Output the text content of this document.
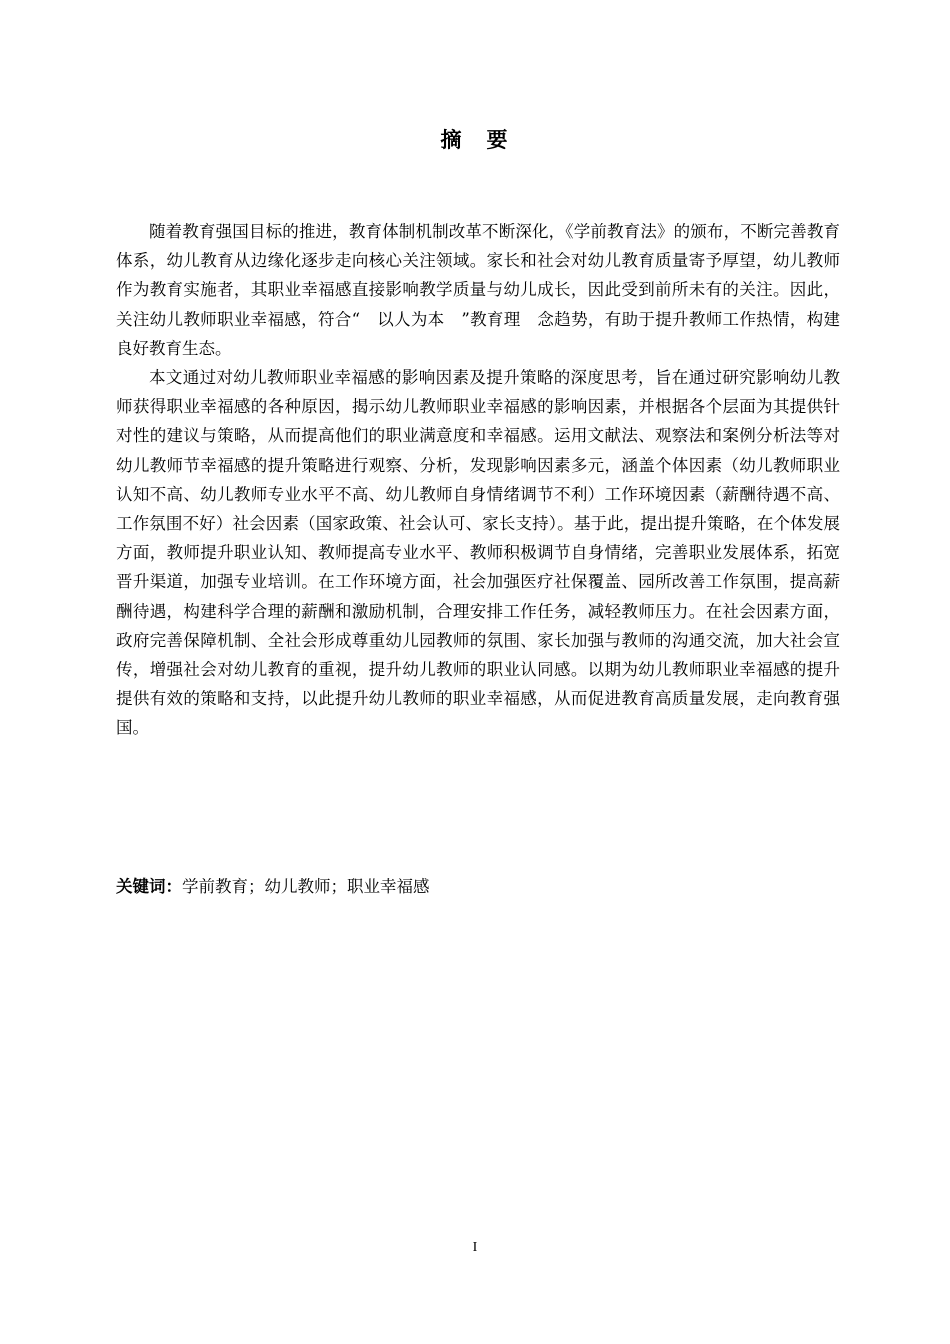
摘　要

随着教育强国目标的推进，教育体制机制改革不断深化，《学前教育法》的颁布，不断完善教育体系，幼儿教育从边缘化逐步走向核心关注领域。家长和社会对幼儿教育质量寄予厚望，幼儿教师作为教育实施者，其职业幸福感直接影响教学质量与幼儿成长，因此受到前所未有的关注。因此，关注幼儿教师职业幸福感，符合“　以人为本　”教育理　念趋势，有助于提升教师工作热情，构建良好教育生态。

本文通过对幼儿教师职业幸福感的影响因素及提升策略的深度思考，旨在通过研究影响幼儿教师获得职业幸福感的各种原因，揭示幼儿教师职业幸福感的影响因素，并根据各个层面为其提供针对性的建议与策略，从而提高他们的职业满意度和幸福感。运用文献法、观察法和案例分析法等对幼儿教师节幸福感的提升策略进行观察、分析，发现影响因素多元，涵盖个体因素（幼儿教师职业认知不高、幼儿教师专业水平不高、幼儿教师自身情绪调节不利）工作环境因素（薪酬待遇不高、工作氛围不好）社会因素（国家政策、社会认可、家长支持）。基于此，提出提升策略，在个体发展方面，教师提升职业认知、教师提高专业水平、教师积极调节自身情绪，完善职业发展体系，拓宽晋升渠道，加强专业培训。在工作环境方面，社会加强医疗社保覆盖、园所改善工作氛围，提高薪酬待遇，构建科学合理的薪酬和激励机制，合理安排工作任务，减轻教师压力。在社会因素方面，政府完善保障机制、全社会形成尊重幼儿园教师的氛围、家长加强与教师的沟通交流，加大社会宣传，增强社会对幼儿教育的重视，提升幼儿教师的职业认同感。以期为幼儿教师职业幸福感的提升提供有效的策略和支持，以此提升幼儿教师的职业幸福感，从而促进教育高质量发展，走向教育强国。

关键词：学前教育；幼儿教师；职业幸福感
I
